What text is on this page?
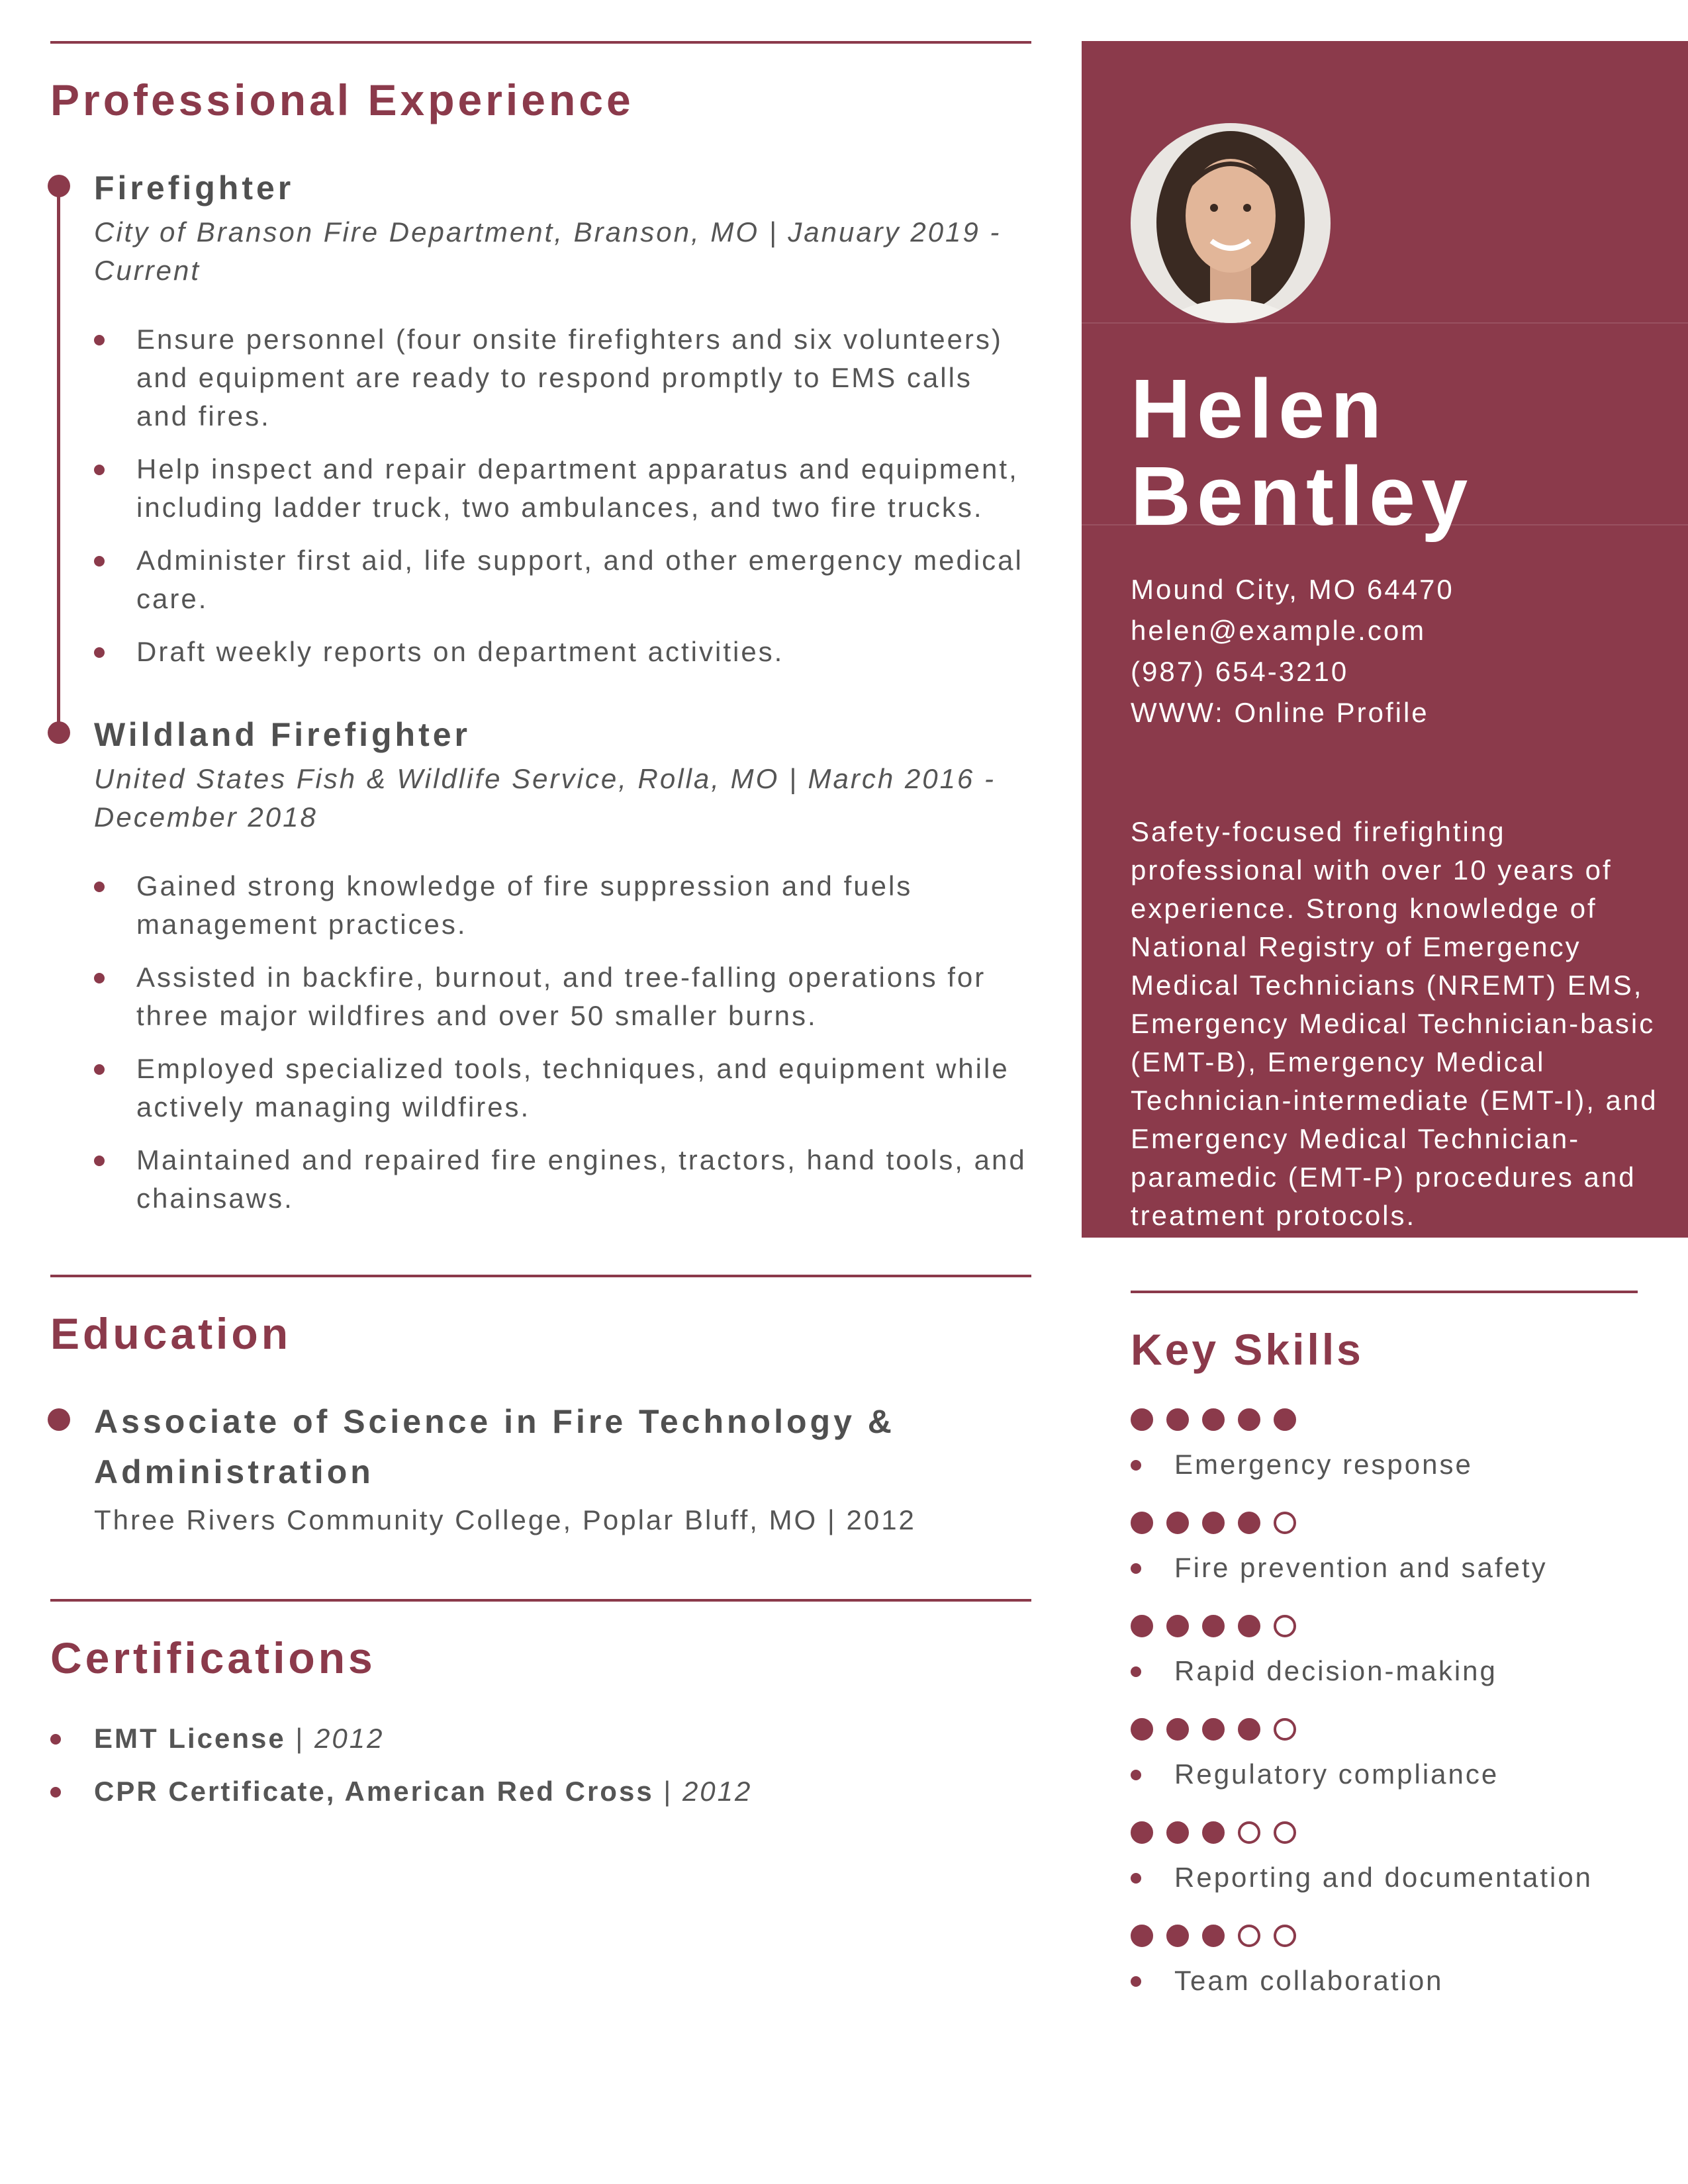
Professional Experience
Firefighter
City of Branson Fire Department, Branson, MO | January 2019 - Current
Ensure personnel (four onsite firefighters and six volunteers) and equipment are ready to respond promptly to EMS calls and fires.
Help inspect and repair department apparatus and equipment, including ladder truck, two ambulances, and two fire trucks.
Administer first aid, life support, and other emergency medical care.
Draft weekly reports on department activities.
Wildland Firefighter
United States Fish & Wildlife Service, Rolla, MO | March 2016 - December 2018
Gained strong knowledge of fire suppression and fuels management practices.
Assisted in backfire, burnout, and tree-falling operations for three major wildfires and over 50 smaller burns.
Employed specialized tools, techniques, and equipment while actively managing wildfires.
Maintained and repaired fire engines, tractors, hand tools, and chainsaws.
Education
Associate of Science in Fire Technology & Administration
Three Rivers Community College, Poplar Bluff, MO | 2012
Certifications
EMT License | 2012
CPR Certificate, American Red Cross | 2012
Helen
Bentley
Mound City, MO 64470
helen@example.com
(987) 654-3210
WWW: Online Profile
Safety-focused firefighting professional with over 10 years of experience. Strong knowledge of National Registry of Emergency Medical Technicians (NREMT) EMS, Emergency Medical Technician-basic (EMT-B), Emergency Medical Technician-intermediate (EMT-I), and Emergency Medical Technician-paramedic (EMT-P) procedures and treatment protocols.
Key Skills
Emergency response
Fire prevention and safety
Rapid decision-making
Regulatory compliance
Reporting and documentation
Team collaboration
